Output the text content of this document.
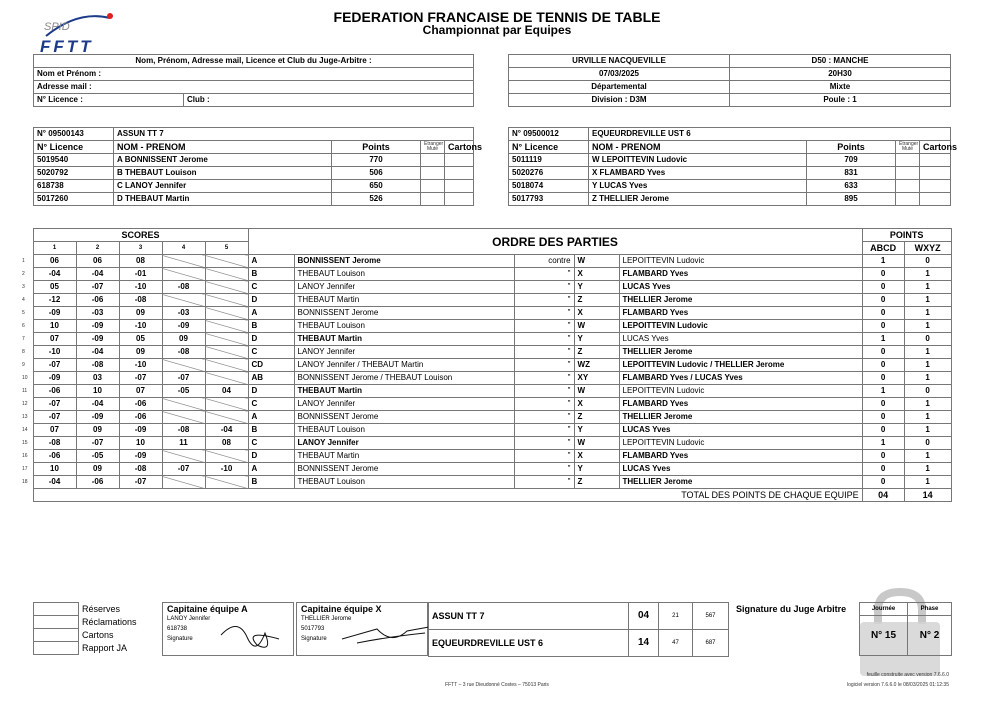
SPID
FFTT
FEDERATION FRANCAISE DE TENNIS DE TABLE
Championnat par Equipes
Nom, Prénom, Adresse mail, Licence et Club du Juge-Arbitre :
Nom et Prénom :
Adresse mail :
N° Licence :	Club :
URVILLE NACQUEVILLE	D50 : MANCHE
07/03/2025	20H30
Départemental	Mixte
Division : D3M	Poule : 1
N° 09500143	ASSUN TT 7			
N° Licence	NOM - PRENOM	Points	Etranger Muté	Cartons
5019540	A BONNISSENT Jerome	770		
5020792	B THEBAUT Louison	506		
618738	C LANOY Jennifer	650		
5017260	D THEBAUT Martin	526		
N° 09500012	EQUEURDREVILLE UST 6			
N° Licence	NOM - PRENOM	Points	Etranger Muté	Cartons
5011119	W LEPOITTEVIN Ludovic	709		
5020276	X FLAMBARD Yves	831		
5018074	Y LUCAS Yves	633		
5017793	Z THELLIER Jerome	895		
	SCORES					ORDRE DES PARTIES					POINTS	
	1	2	3	4	5						ABCD	WXYZ
1	06	06	08			A	BONNISSENT Jerome	contre	W	LEPOITTEVIN Ludovic	1	0
2	-04	-04	-01			B	THEBAUT Louison	"	X	FLAMBARD Yves	0	1
3	05	-07	-10	-08		C	LANOY Jennifer	"	Y	LUCAS Yves	0	1
4	-12	-06	-08			D	THEBAUT Martin	"	Z	THELLIER Jerome	0	1
5	-09	-03	09	-03		A	BONNISSENT Jerome	"	X	FLAMBARD Yves	0	1
6	10	-09	-10	-09		B	THEBAUT Louison	"	W	LEPOITTEVIN Ludovic	0	1
7	07	-09	05	09		D	THEBAUT Martin	"	Y	LUCAS Yves	1	0
8	-10	-04	09	-08		C	LANOY Jennifer	"	Z	THELLIER Jerome	0	1
9	-07	-08	-10			CD	LANOY Jennifer / THEBAUT Martin	"	WZ	LEPOITTEVIN Ludovic / THELLIER Jerome	0	1
10	-09	03	-07	-07		AB	BONNISSENT Jerome / THEBAUT Louison	"	XY	FLAMBARD Yves / LUCAS Yves	0	1
11	-06	10	07	-05	04	D	THEBAUT Martin	"	W	LEPOITTEVIN Ludovic	1	0
12	-07	-04	-06			C	LANOY Jennifer	"	X	FLAMBARD Yves	0	1
13	-07	-09	-06			A	BONNISSENT Jerome	"	Z	THELLIER Jerome	0	1
14	07	09	-09	-08	-04	B	THEBAUT Louison	"	Y	LUCAS Yves	0	1
15	-08	-07	10	11	08	C	LANOY Jennifer	"	W	LEPOITTEVIN Ludovic	1	0
16	-06	-05	-09			D	THEBAUT Martin	"	X	FLAMBARD Yves	0	1
17	10	09	-08	-07	-10	A	BONNISSENT Jerome	"	Y	LUCAS Yves	0	1
18	-04	-06	-07			B	THEBAUT Louison	"	Z	THELLIER Jerome	0	1
	TOTAL DES POINTS DE CHAQUE EQUIPE										04	14
	Réserves
	Réclamations
	Cartons
	Rapport JA
Capitaine équipe A
LANOY Jennifer
618738
Signature
Capitaine équipe X
THELLIER Jerome
5017793
Signature
ASSUN TT 7	04	21	567
EQUEURDREVILLE UST 6	14	47	687
Signature du Juge Arbitre	Journée	Phase
N° 15	N° 2
FFTT – 3 rue Dieudonné Costes – 75013 Paris
feuille construite avec version 7.6.6.0
logiciel version 7.6.6.0 le 08/03/2025 01:12:35
